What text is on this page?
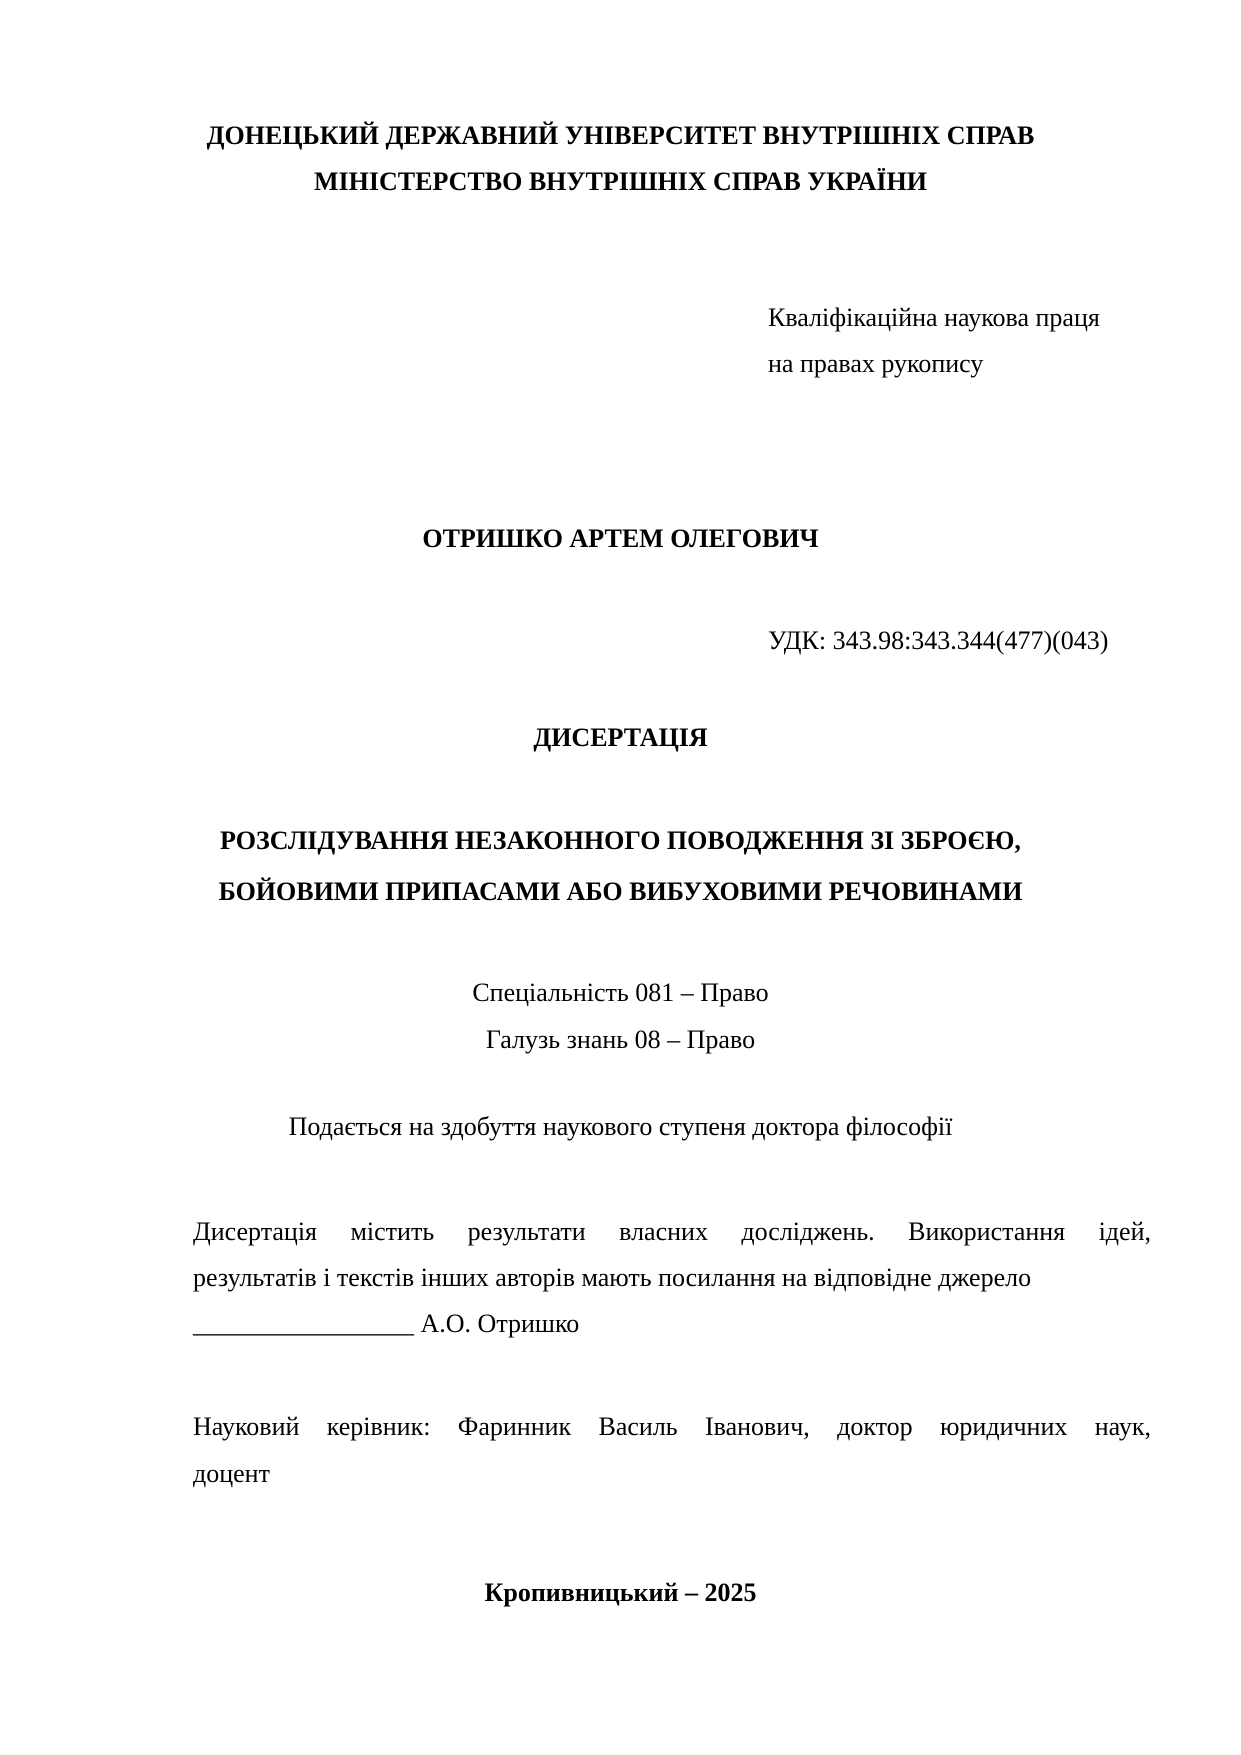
ДОНЕЦЬКИЙ ДЕРЖАВНИЙ УНІВЕРСИТЕТ ВНУТРІШНІХ СПРАВ
МІНІСТЕРСТВО ВНУТРІШНІХ СПРАВ УКРАЇНИ
Кваліфікаційна наукова праця
на правах рукопису
ОТРИШКО АРТЕМ ОЛЕГОВИЧ
УДК: 343.98:343.344(477)(043)
ДИСЕРТАЦІЯ
РОЗСЛІДУВАННЯ НЕЗАКОННОГО ПОВОДЖЕННЯ ЗІ ЗБРОЄЮ,
БОЙОВИМИ ПРИПАСАМИ АБО ВИБУХОВИМИ РЕЧОВИНАМИ
Спеціальність 081 – Право
Галузь знань 08 – Право
Подається на здобуття наукового ступеня доктора філософії
Дисертація містить результати власних досліджень. Використання ідей,
результатів і текстів інших авторів мають посилання на відповідне джерело
_________________ А.О. Отришко
Науковий керівник: Фаринник Василь Іванович, доктор юридичних наук,
доцент
Кропивницький – 2025
